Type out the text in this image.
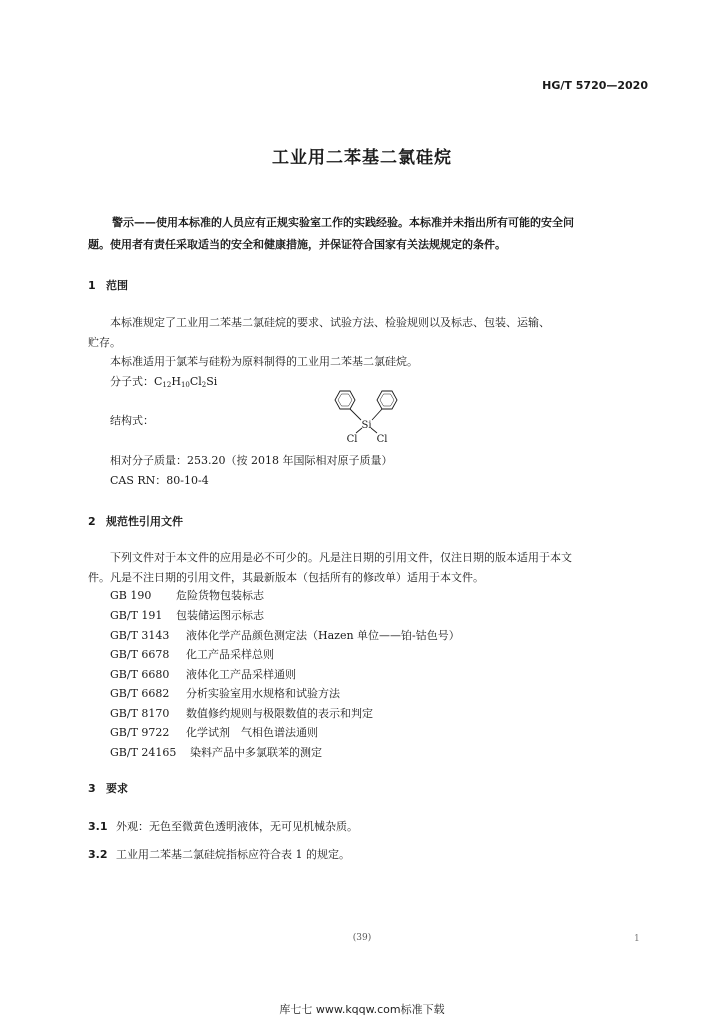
HG/T 5720—2020
工业用二苯基二氯硅烷
警示——使用本标准的人员应有正规实验室工作的实践经验。本标准并未指出所有可能的安全问
题。使用者有责任采取适当的安全和健康措施，并保证符合国家有关法规规定的条件。
1 范围
本标准规定了工业用二苯基二氯硅烷的要求、试验方法、检验规则以及标志、包装、运输、
贮存。
本标准适用于氯苯与硅粉为原料制得的工业用二苯基二氯硅烷。
分子式：$C_{12}H_{10}Cl_2Si$
结构式：	Si
Cl Cl
相对分子质量：253.20（按 2018 年国际相对原子质量）
CAS RN：80-10-4
2 规范性引用文件
下列文件对于本文件的应用是必不可少的。凡是注日期的引用文件，仅注日期的版本适用于本文
件。凡是不注日期的引用文件，其最新版本（包括所有的修改单）适用于本文件。
GB 190 危险货物包装标志
GB/T 191 包装储运图示标志
GB/T 3143 液体化学产品颜色测定法（Hazen 单位——铂-钴色号）
GB/T 6678 化工产品采样总则
GB/T 6680 液体化工产品采样通则
GB/T 6682 分析实验室用水规格和试验方法
GB/T 8170 数值修约规则与极限数值的表示和判定
GB/T 9722 化学试剂　气相色谱法通则
GB/T 24165 染料产品中多氯联苯的测定
3 要求
3.1 外观：无色至微黄色透明液体，无可见机械杂质。
3.2 工业用二苯基二氯硅烷指标应符合表 1 的规定。
(39)	1
库七七 www.kqqw.com标准下载
